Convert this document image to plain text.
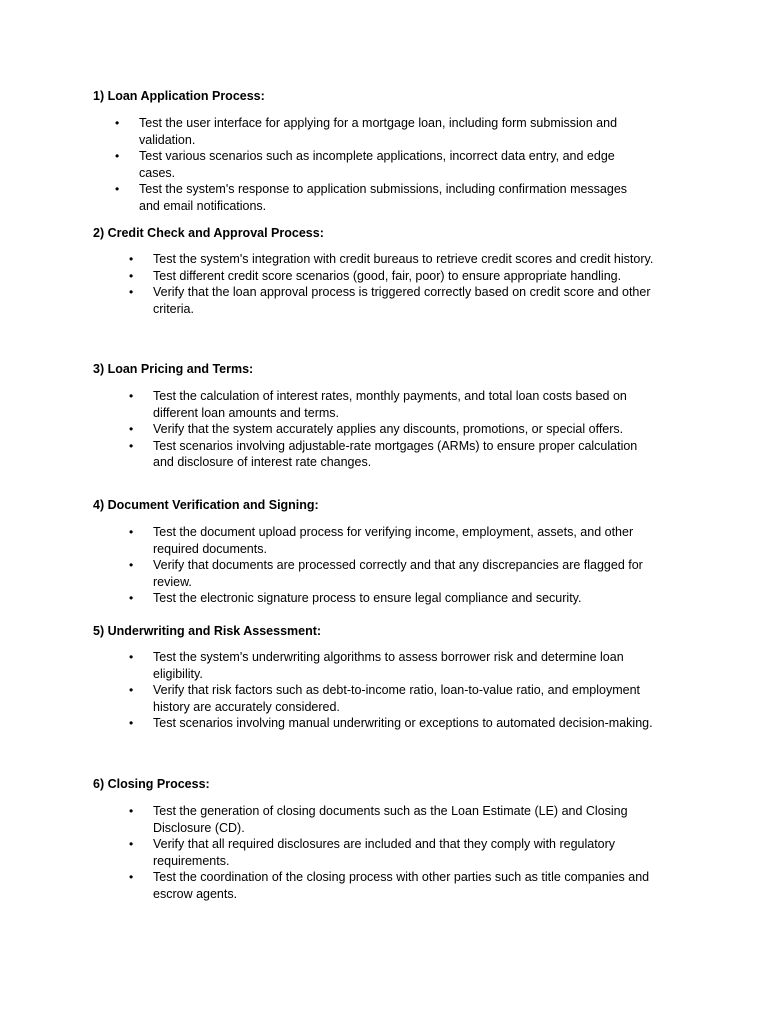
1) Loan Application Process:

• Test the user interface for applying for a mortgage loan, including form submission and validation.
• Test various scenarios such as incomplete applications, incorrect data entry, and edge cases.
• Test the system's response to application submissions, including confirmation messages and email notifications.

2) Credit Check and Approval Process:

• Test the system's integration with credit bureaus to retrieve credit scores and credit history.
• Test different credit score scenarios (good, fair, poor) to ensure appropriate handling.
• Verify that the loan approval process is triggered correctly based on credit score and other criteria.

3) Loan Pricing and Terms:

• Test the calculation of interest rates, monthly payments, and total loan costs based on different loan amounts and terms.
• Verify that the system accurately applies any discounts, promotions, or special offers.
• Test scenarios involving adjustable-rate mortgages (ARMs) to ensure proper calculation and disclosure of interest rate changes.

4) Document Verification and Signing:

• Test the document upload process for verifying income, employment, assets, and other required documents.
• Verify that documents are processed correctly and that any discrepancies are flagged for review.
• Test the electronic signature process to ensure legal compliance and security.

5) Underwriting and Risk Assessment:

• Test the system's underwriting algorithms to assess borrower risk and determine loan eligibility.
• Verify that risk factors such as debt-to-income ratio, loan-to-value ratio, and employment history are accurately considered.
• Test scenarios involving manual underwriting or exceptions to automated decision-making.

6) Closing Process:

• Test the generation of closing documents such as the Loan Estimate (LE) and Closing Disclosure (CD).
• Verify that all required disclosures are included and that they comply with regulatory requirements.
• Test the coordination of the closing process with other parties such as title companies and escrow agents.
